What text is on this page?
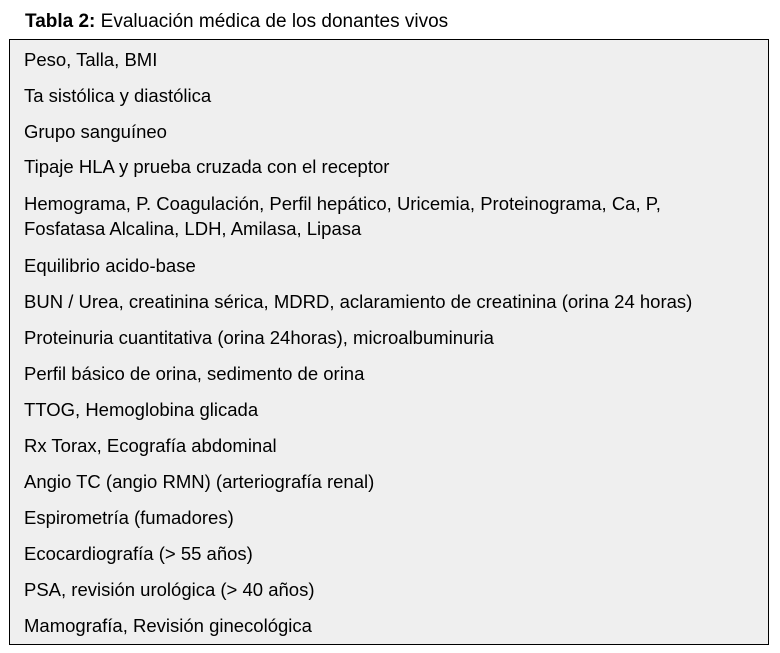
Tabla 2: Evaluación médica de los donantes vivos
Peso, Talla, BMI
Ta sistólica y diastólica
Grupo sanguíneo
Tipaje HLA y prueba cruzada con el receptor
Hemograma, P. Coagulación, Perfil hepático, Uricemia, Proteinograma, Ca, P,
Fosfatasa Alcalina, LDH, Amilasa, Lipasa
Equilibrio acido-base
BUN / Urea, creatinina sérica, MDRD, aclaramiento de creatinina (orina 24 horas)
Proteinuria cuantitativa (orina 24horas), microalbuminuria
Perfil básico de orina, sedimento de orina
TTOG, Hemoglobina glicada
Rx Torax, Ecografía abdominal
Angio TC (angio RMN) (arteriografía renal)
Espirometría (fumadores)
Ecocardiografía (> 55 años)
PSA, revisión urológica (> 40 años)
Mamografía, Revisión ginecológica
